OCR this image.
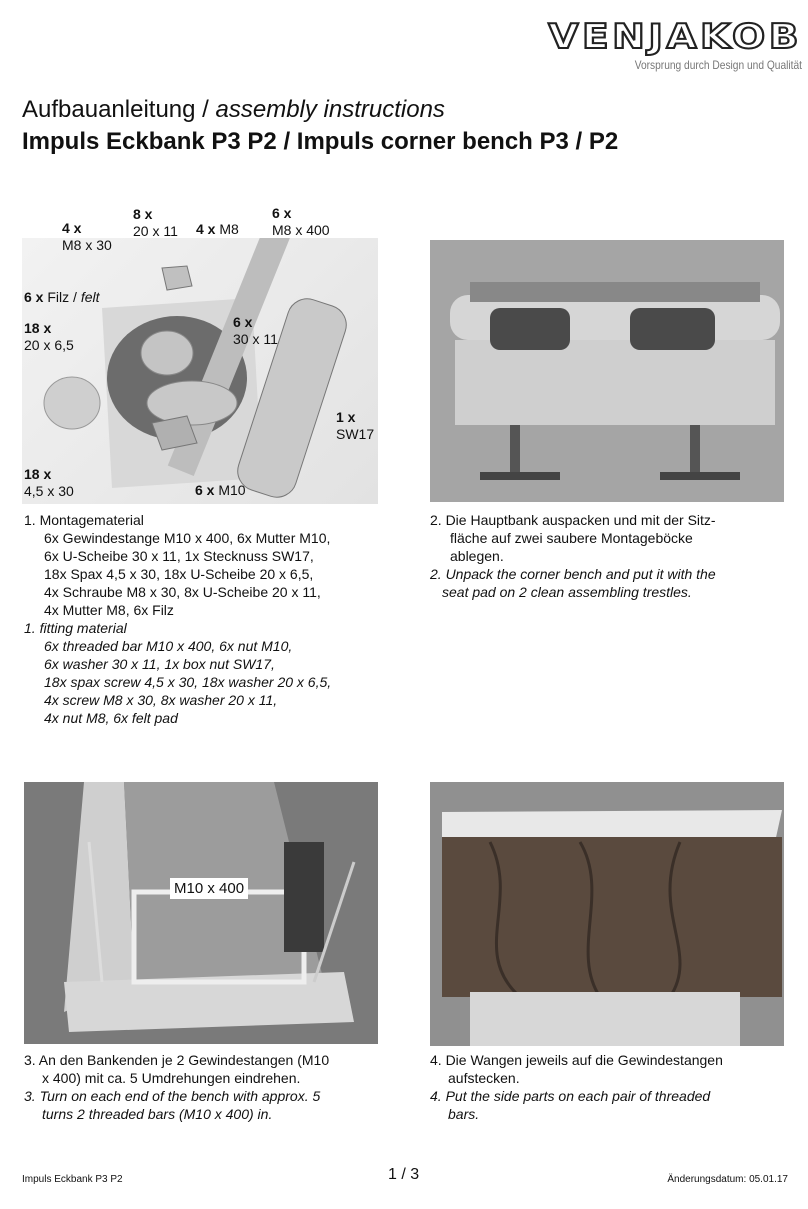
VENJAKOB
Vorsprung durch Design und Qualität
Aufbauanleitung / assembly instructions
Impuls Eckbank P3 P2 / Impuls corner bench P3 / P2
4 x
M8 x 30
8 x
20 x 11 4 x M8
6 x
M8 x 400
6 x Filz / felt
18 x
20 x 6,5
6 x
30 x 11
1 x
SW17
18 x
4,5 x 30	6 x M10
1. Montagematerial
6x Gewindestange M10 x 400, 6x Mutter M10,
6x U-Scheibe 30 x 11, 1x Stecknuss SW17,
18x Spax 4,5 x 30, 18x U-Scheibe 20 x 6,5,
4x Schraube M8 x 30, 8x U-Scheibe 20 x 11,
4x Mutter M8, 6x Filz
1. fitting material
6x threaded bar M10 x 400, 6x nut M10,
6x washer 30 x 11, 1x box nut SW17,
18x spax screw 4,5 x 30, 18x washer 20 x 6,5,
4x screw M8 x 30, 8x washer 20 x 11,
4x nut M8, 6x felt pad
2. Die Hauptbank auspacken und mit der Sitz-
fläche auf zwei saubere Montageböcke
ablegen.
2. Unpack the corner bench and put it with the
seat pad on 2 clean assembling trestles.
M10 x 400
3. An den Bankenden je 2 Gewindestangen (M10
x 400) mit ca. 5 Umdrehungen eindrehen.
3. Turn on each end of the bench with approx. 5
turns 2 threaded bars (M10 x 400) in.
4. Die Wangen jeweils auf die Gewindestangen
aufstecken.
4. Put the side parts on each pair of threaded
bars.
Impuls Eckbank P3 P2	1 / 3	Änderungsdatum: 05.01.17
